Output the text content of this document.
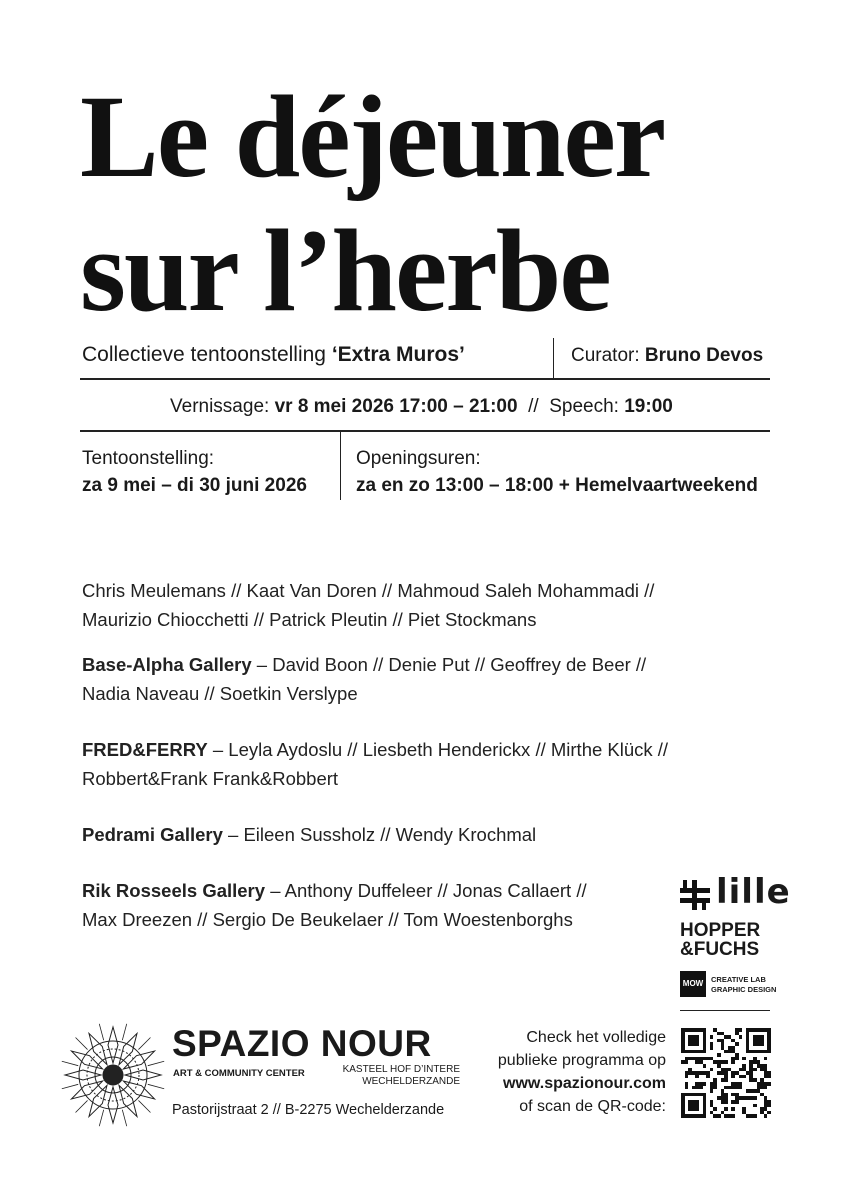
Le déjeuner
sur l’herbe
Collectieve tentoonstelling ‘Extra Muros’	Curator: Bruno Devos
Vernissage: vr 8 mei 2026 17:00 – 21:00  //  Speech: 19:00
Tentoonstelling:
za 9 mei – di 30 juni 2026
Openingsuren:
za en zo 13:00 – 18:00 + Hemelvaartweekend
Chris Meulemans // Kaat Van Doren // Mahmoud Saleh Mohammadi //
Maurizio Chiocchetti // Patrick Pleutin // Piet Stockmans
Base-Alpha Gallery – David Boon // Denie Put // Geoffrey de Beer //
Nadia Naveau // Soetkin Verslype
FRED&FERRY – Leyla Aydoslu // Liesbeth Henderickx // Mirthe Klück //
Robbert&Frank Frank&Robbert
Pedrami Gallery – Eileen Sussholz // Wendy Krochmal
Rik Rosseels Gallery – Anthony Duffeleer // Jonas Callaert //
Max Dreezen // Sergio De Beukelaer // Tom Woestenborghs
lille
HOPPER
&FUCHS
MOW	CREATIVE LAB
GRAPHIC DESIGN
SPAZIO NOUR
ART & COMMUNITY CENTER	KASTEEL HOF D’INTERE
WECHELDERZANDE
Pastorijstraat 2 // B-2275 Wechelderzande
Check het volledige
publieke programma op
www.spazionour.com
of scan de QR-code:
